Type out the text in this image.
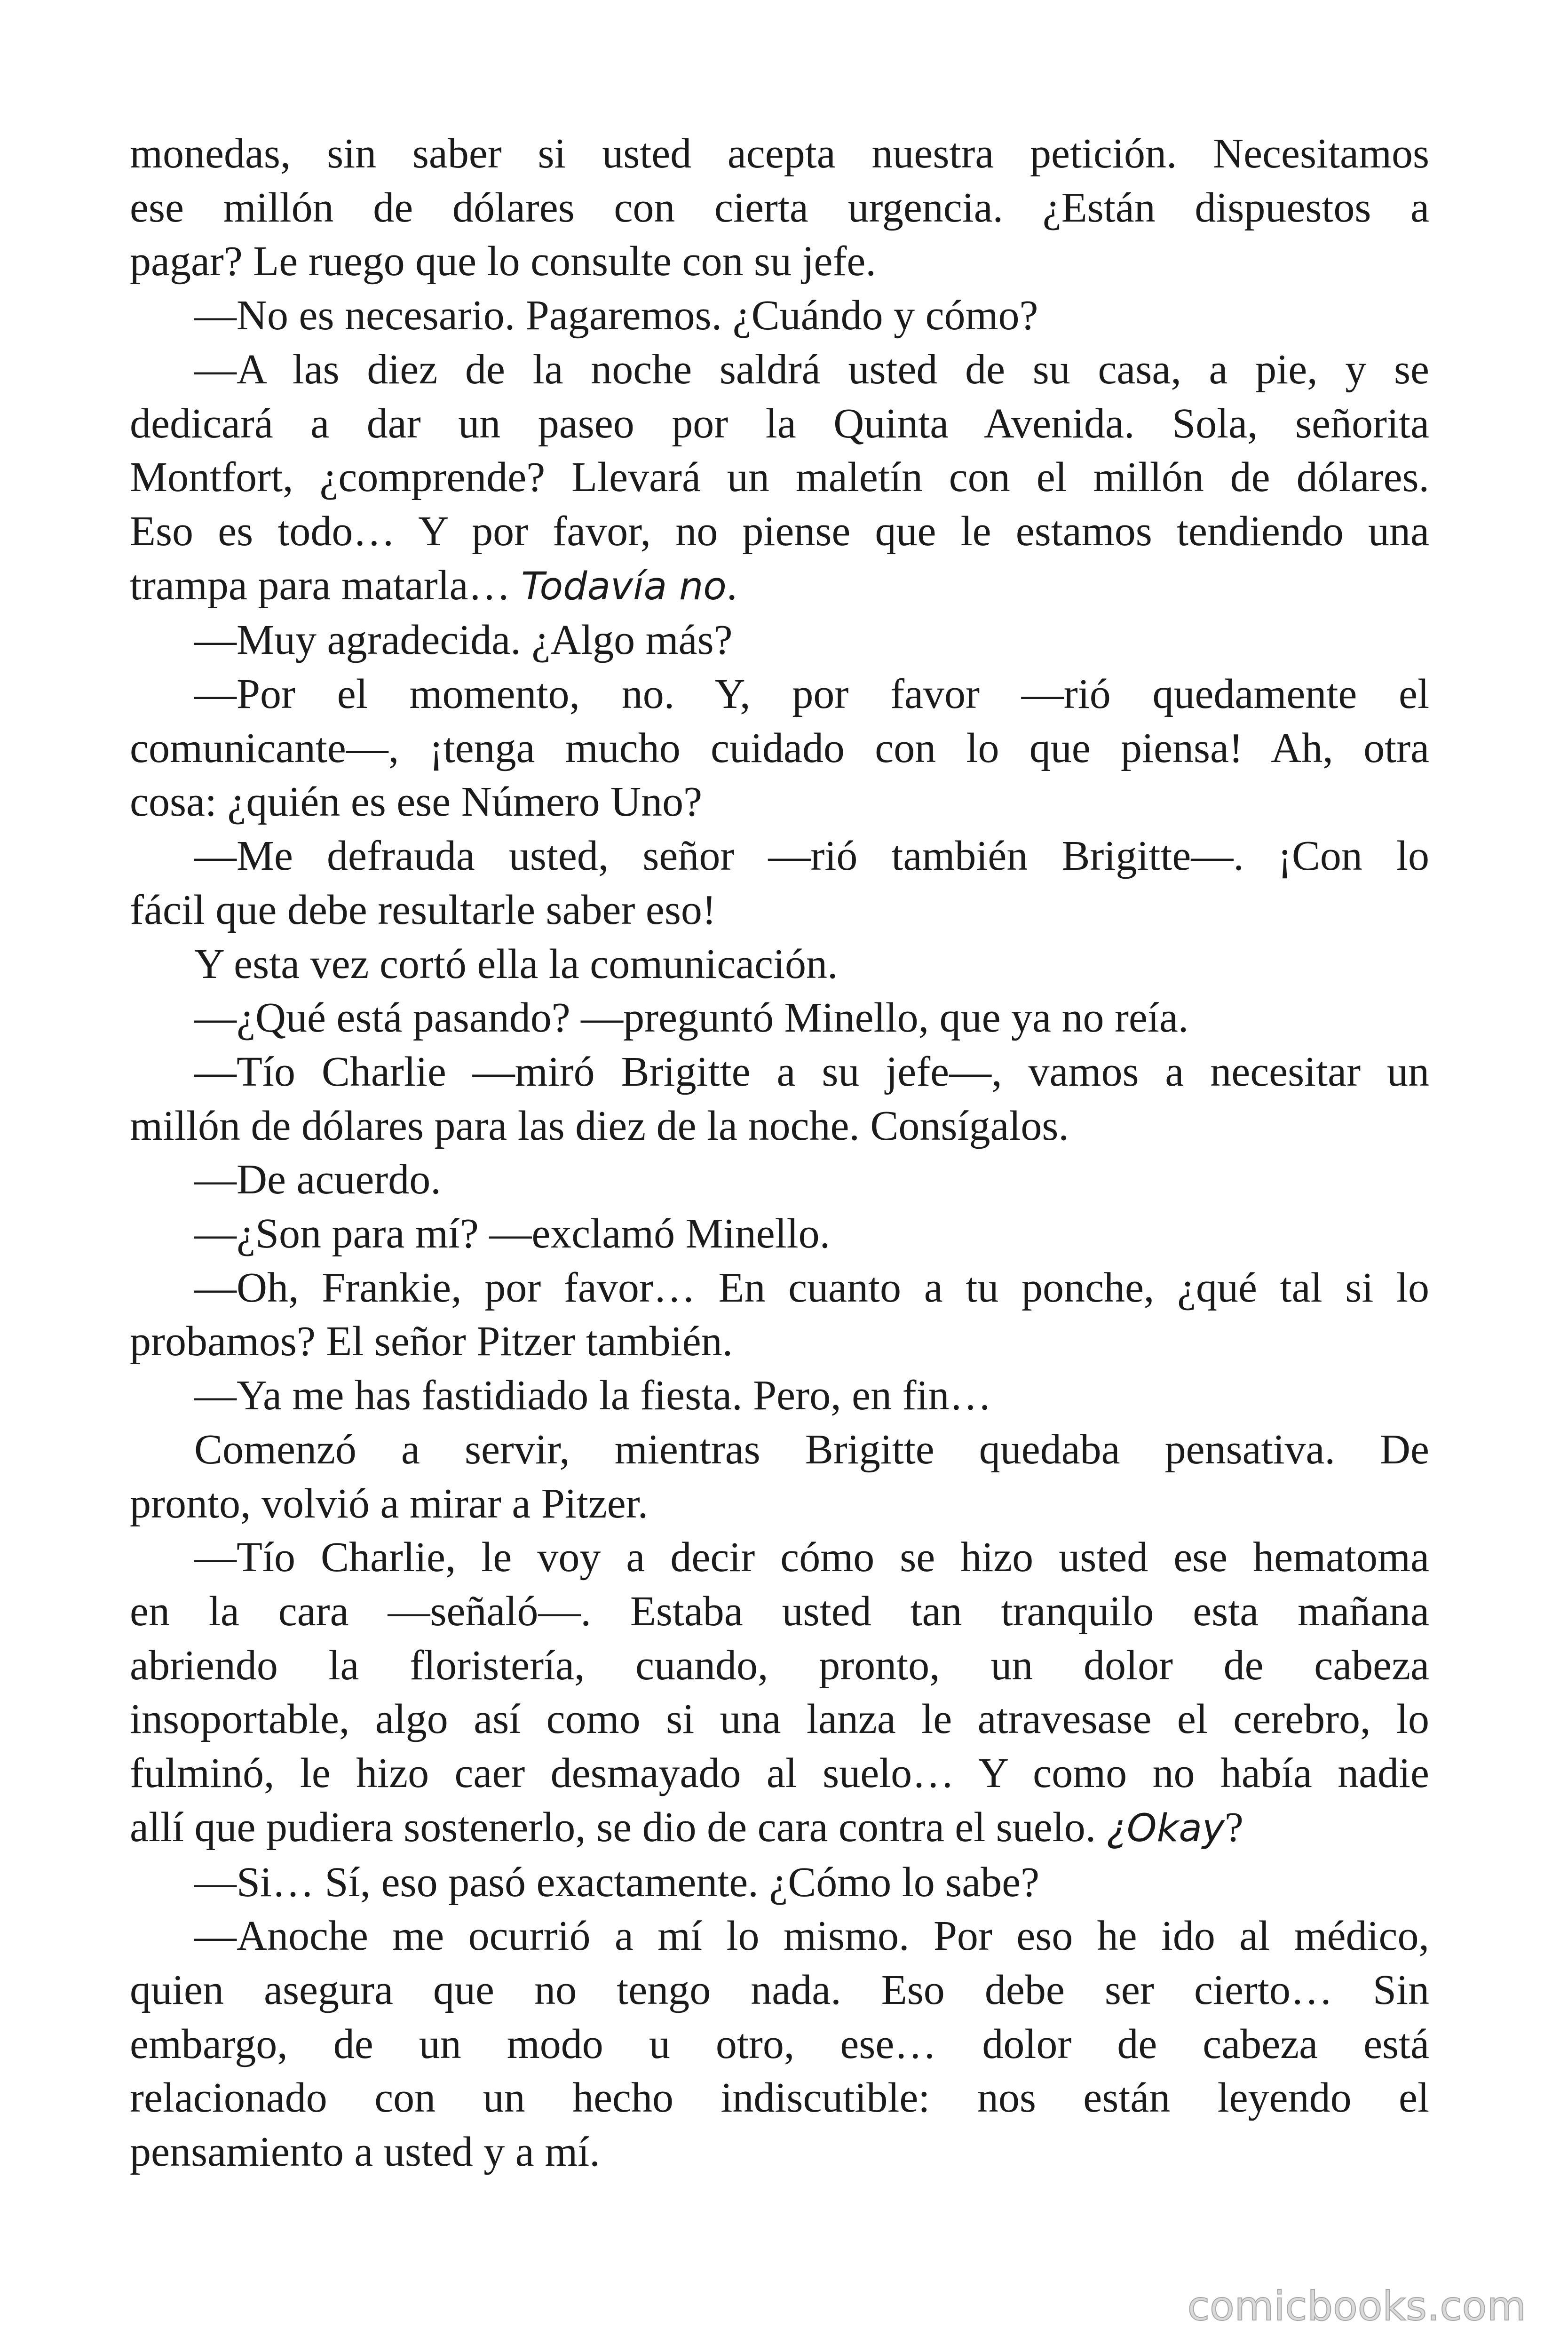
monedas, sin saber si usted acepta nuestra petición. Necesitamos
ese millón de dólares con cierta urgencia. ¿Están dispuestos a
pagar? Le ruego que lo consulte con su jefe.
—No es necesario. Pagaremos. ¿Cuándo y cómo?
—A las diez de la noche saldrá usted de su casa, a pie, y se
dedicará a dar un paseo por la Quinta Avenida. Sola, señorita
Montfort, ¿comprende? Llevará un maletín con el millón de dólares.
Eso es todo… Y por favor, no piense que le estamos tendiendo una
trampa para matarla… Todavía no.
—Muy agradecida. ¿Algo más?
—Por el momento, no. Y, por favor —rió quedamente el
comunicante—, ¡tenga mucho cuidado con lo que piensa! Ah, otra
cosa: ¿quién es ese Número Uno?
—Me defrauda usted, señor —rió también Brigitte—. ¡Con lo
fácil que debe resultarle saber eso!
Y esta vez cortó ella la comunicación.
—¿Qué está pasando? —preguntó Minello, que ya no reía.
—Tío Charlie —miró Brigitte a su jefe—, vamos a necesitar un
millón de dólares para las diez de la noche. Consígalos.
—De acuerdo.
—¿Son para mí? —exclamó Minello.
—Oh, Frankie, por favor… En cuanto a tu ponche, ¿qué tal si lo
probamos? El señor Pitzer también.
—Ya me has fastidiado la fiesta. Pero, en fin…
Comenzó a servir, mientras Brigitte quedaba pensativa. De
pronto, volvió a mirar a Pitzer.
—Tío Charlie, le voy a decir cómo se hizo usted ese hematoma
en la cara —señaló—. Estaba usted tan tranquilo esta mañana
abriendo la floristería, cuando, pronto, un dolor de cabeza
insoportable, algo así como si una lanza le atravesase el cerebro, lo
fulminó, le hizo caer desmayado al suelo… Y como no había nadie
allí que pudiera sostenerlo, se dio de cara contra el suelo. ¿Okay?
—Si… Sí, eso pasó exactamente. ¿Cómo lo sabe?
—Anoche me ocurrió a mí lo mismo. Por eso he ido al médico,
quien asegura que no tengo nada. Eso debe ser cierto… Sin
embargo, de un modo u otro, ese… dolor de cabeza está
relacionado con un hecho indiscutible: nos están leyendo el
pensamiento a usted y a mí.
comicbooks.com
